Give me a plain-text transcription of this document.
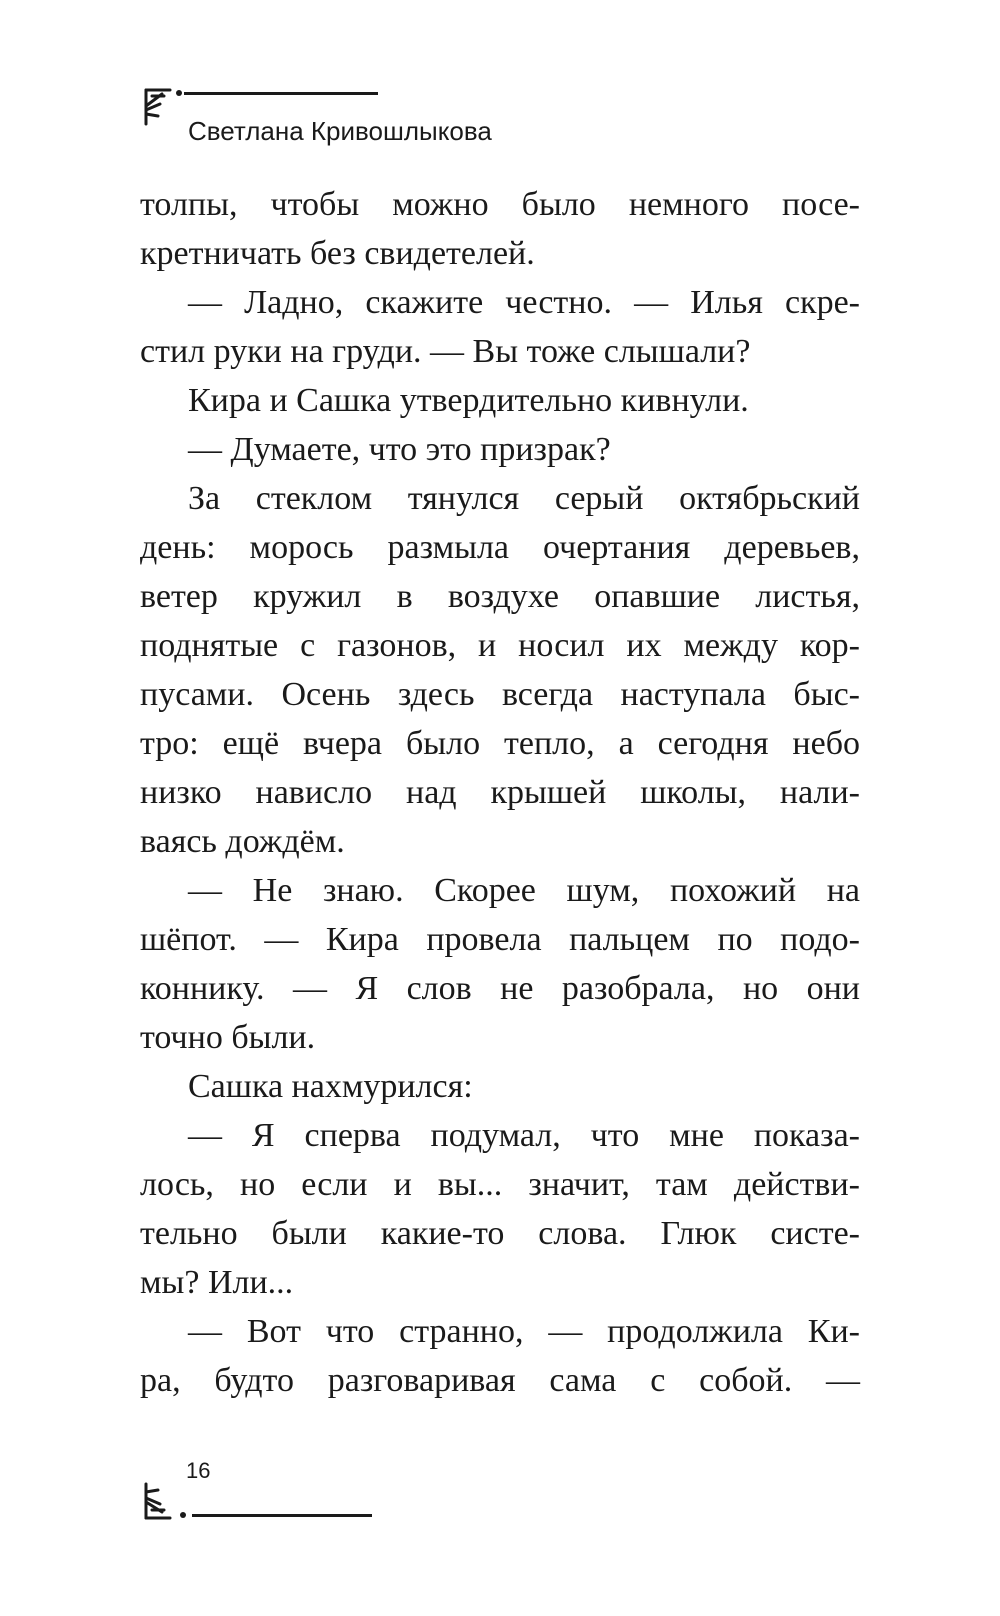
Светлана Кривошлыкова
толпы, чтобы можно было немного посе-
кретничать без свидетелей.
— Ладно, скажите честно. — Илья скре-
стил руки на груди. — Вы тоже слышали?
Кира и Сашка утвердительно кивнули.
— Думаете, что это призрак?
За стеклом тянулся серый октябрьский
день: морось размыла очертания деревьев,
ветер кружил в воздухе опавшие листья,
поднятые с газонов, и носил их между кор-
пусами. Осень здесь всегда наступала быс-
тро: ещё вчера было тепло, а сегодня небо
низко нависло над крышей школы, нали-
ваясь дождём.
— Не знаю. Скорее шум, похожий на
шёпот. — Кира провела пальцем по подо-
коннику. — Я слов не разобрала, но они
точно были.
Сашка нахмурился:
— Я сперва подумал, что мне показа-
лось, но если и вы... значит, там действи-
тельно были какие-то слова. Глюк систе-
мы? Или...
— Вот что странно, — продолжила Ки-
ра, будто разговаривая сама с собой. —
16
